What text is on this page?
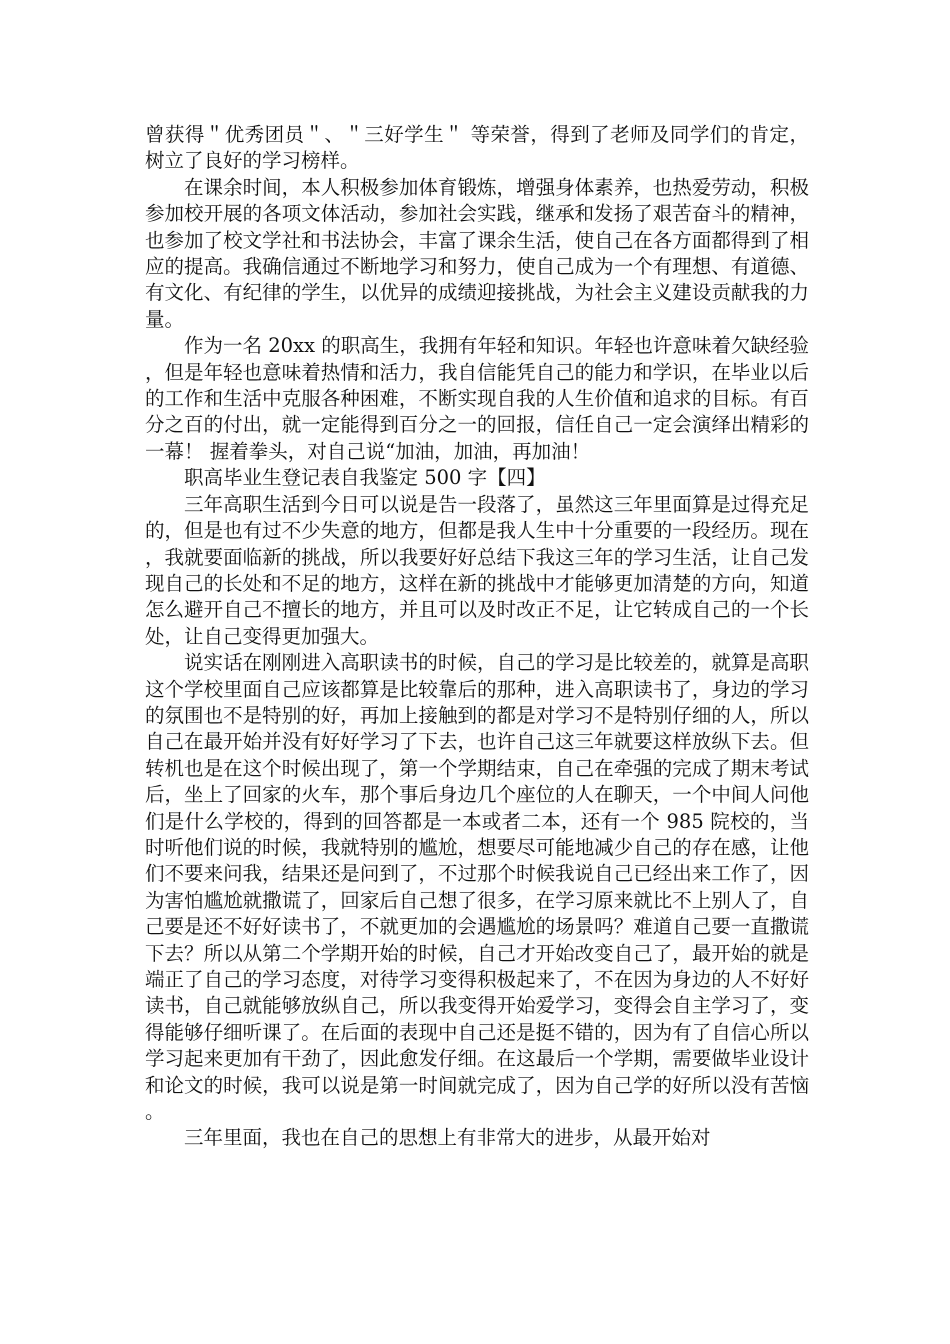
曾获得＂优秀团员＂、＂三好学生＂ 等荣誉，得到了老师及同学们的肯定，树立了良好的学习榜样。

在课余时间，本人积极参加体育锻炼，增强身体素养，也热爱劳动，积极参加校开展的各项文体活动，参加社会实践，继承和发扬了艰苦奋斗的精神，也参加了校文学社和书法协会，丰富了课余生活，使自己在各方面都得到了相应的提高。我确信通过不断地学习和努力，使自己成为一个有理想、有道德、有文化、有纪律的学生，以优异的成绩迎接挑战，为社会主义建设贡献我的力量。

作为一名 20xx 的职高生，我拥有年轻和知识。年轻也许意味着欠缺经验，但是年轻也意味着热情和活力，我自信能凭自己的能力和学识，在毕业以后的工作和生活中克服各种困难，不断实现自我的人生价值和追求的目标。有百分之百的付出，就一定能得到百分之一的回报，信任自己一定会演绎出精彩的一幕！ 握着拳头，对自己说“加油，加油，再加油！

职高毕业生登记表自我鉴定 500 字【四】

三年高职生活到今日可以说是告一段落了，虽然这三年里面算是过得充足的，但是也有过不少失意的地方，但都是我人生中十分重要的一段经历。现在，我就要面临新的挑战，所以我要好好总结下我这三年的学习生活，让自己发现自己的长处和不足的地方，这样在新的挑战中才能够更加清楚的方向，知道怎么避开自己不擅长的地方，并且可以及时改正不足，让它转成自己的一个长处，让自己变得更加强大。

说实话在刚刚进入高职读书的时候，自己的学习是比较差的，就算是高职这个学校里面自己应该都算是比较靠后的那种，进入高职读书了，身边的学习的氛围也不是特别的好，再加上接触到的都是对学习不是特别仔细的人，所以自己在最开始并没有好好学习了下去，也许自己这三年就要这样放纵下去。但转机也是在这个时候出现了，第一个学期结束，自己在牵强的完成了期末考试后，坐上了回家的火车，那个事后身边几个座位的人在聊天，一个中间人问他们是什么学校的，得到的回答都是一本或者二本，还有一个 985 院校的，当时听他们说的时候，我就特别的尴尬，想要尽可能地减少自己的存在感，让他们不要来问我，结果还是问到了，不过那个时候我说自己已经出来工作了，因为害怕尴尬就撒谎了，回家后自己想了很多，在学习原来就比不上别人了，自己要是还不好好读书了，不就更加的会遇尴尬的场景吗？难道自己要一直撒谎下去？所以从第二个学期开始的时候，自己才开始改变自己了，最开始的就是端正了自己的学习态度，对待学习变得积极起来了，不在因为身边的人不好好读书，自己就能够放纵自己，所以我变得开始爱学习，变得会自主学习了，变得能够仔细听课了。在后面的表现中自己还是挺不错的，因为有了自信心所以学习起来更加有干劲了，因此愈发仔细。在这最后一个学期，需要做毕业设计和论文的时候，我可以说是第一时间就完成了，因为自己学的好所以没有苦恼。

三年里面，我也在自己的思想上有非常大的进步，从最开始对
